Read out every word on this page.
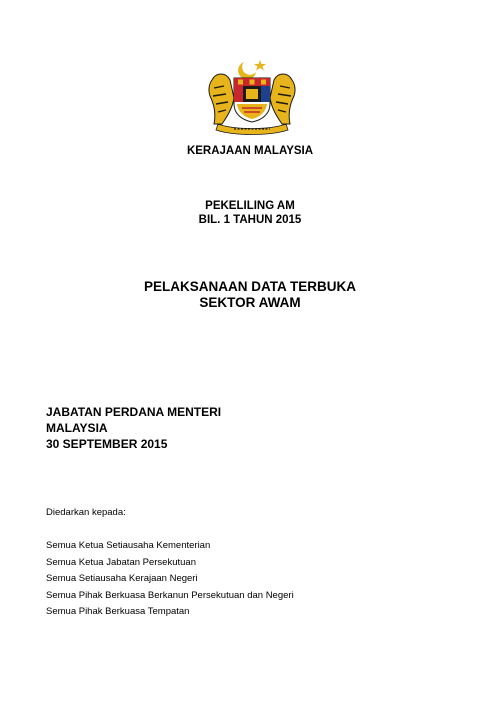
KERAJAAN MALAYSIA
PEKELILING AM
BIL. 1 TAHUN 2015
PELAKSANAAN DATA TERBUKA
SEKTOR AWAM
JABATAN PERDANA MENTERI
MALAYSIA
30 SEPTEMBER 2015
Diedarkan kepada:
Semua Ketua Setiausaha Kementerian
Semua Ketua Jabatan Persekutuan
Semua Setiausaha Kerajaan Negeri
Semua Pihak Berkuasa Berkanun Persekutuan dan Negeri
Semua Pihak Berkuasa Tempatan
